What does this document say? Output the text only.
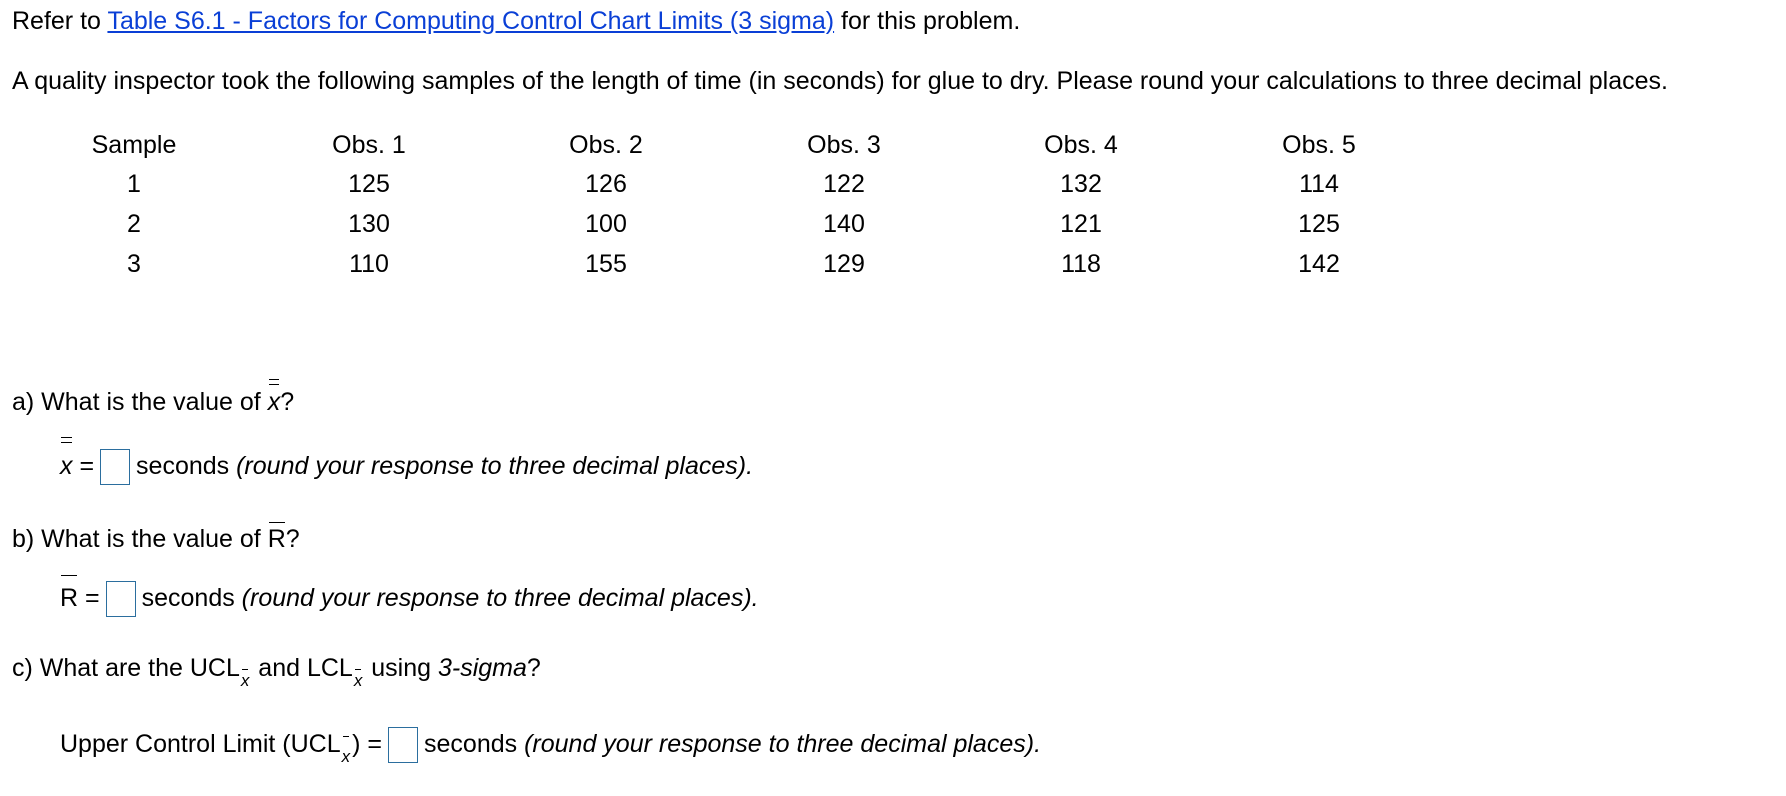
Refer to Table S6.1 - Factors for Computing Control Chart Limits (3 sigma) for this problem.
A quality inspector took the following samples of the length of time (in seconds) for glue to dry. Please round your calculations to three decimal places.
Sample	Obs. 1	Obs. 2	Obs. 3	Obs. 4	Obs. 5
1	125	126	122	132	114
2	130	100	140	121	125
3	110	155	129	118	142
a) What is the value of x?
x = seconds (round your response to three decimal places).
b) What is the value of R?
R = seconds (round your response to three decimal places).
c) What are the UCLx and LCLx using 3-sigma?
Upper Control Limit (UCLx) = seconds (round your response to three decimal places).
